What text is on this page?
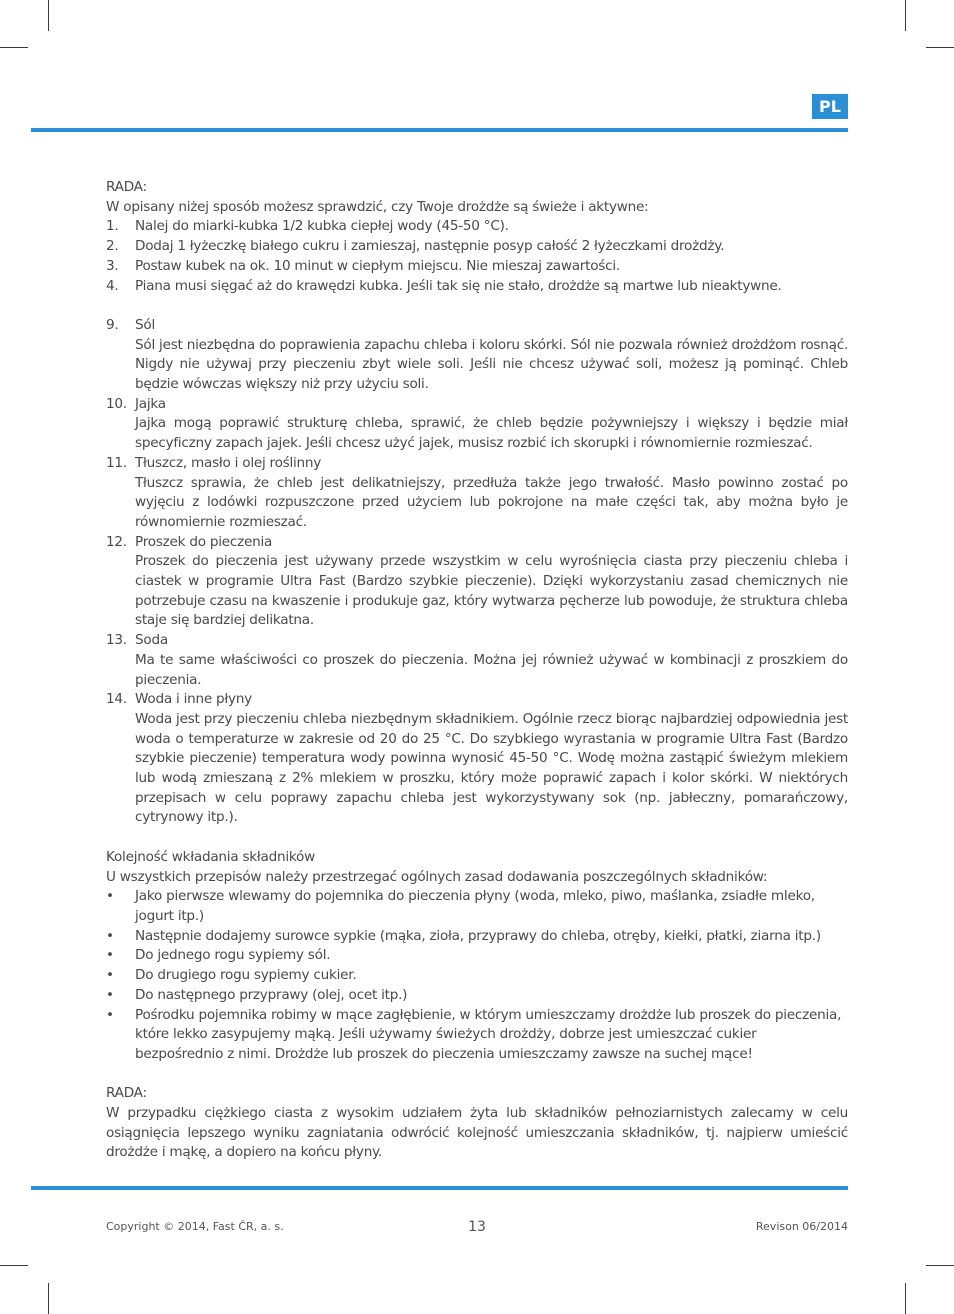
PL

RADA:

W opisany niżej sposób możesz sprawdzić, czy Twoje drożdże są świeże i aktywne:

1.	Nalej do miarki-kubka 1/2 kubka ciepłej wody (45-50 °C).
2.	Dodaj 1 łyżeczkę białego cukru i zamieszaj, następnie posyp całość 2 łyżeczkami drożdży.
3.	Postaw kubek na ok. 10 minut w ciepłym miejscu. Nie mieszaj zawartości.
4.	Piana musi sięgać aż do krawędzi kubka. Jeśli tak się nie stało, drożdże są martwe lub nieaktywne.
9.	Sól
Sól jest niezbędna do poprawienia zapachu chleba i koloru skórki. Sól nie pozwala również drożdżom rosnąć. Nigdy nie używaj przy pieczeniu zbyt wiele soli. Jeśli nie chcesz używać soli, możesz ją pominąć. Chleb będzie wówczas większy niż przy użyciu soli.
10. Jajka
Jajka mogą poprawić strukturę chleba, sprawić, że chleb będzie pożywniejszy i większy i będzie miał specyficzny zapach jajek. Jeśli chcesz użyć jajek, musisz rozbić ich skorupki i równomiernie rozmieszać.
11. Tłuszcz, masło i olej roślinny
Tłuszcz sprawia, że chleb jest delikatniejszy, przedłuża także jego trwałość. Masło powinno zostać po wyjęciu z lodówki rozpuszczone przed użyciem lub pokrojone na małe części tak, aby można było je równomiernie rozmieszać.
12. Proszek do pieczenia
Proszek do pieczenia jest używany przede wszystkim w celu wyrośnięcia ciasta przy pieczeniu chleba i ciastek w programie Ultra Fast (Bardzo szybkie pieczenie). Dzięki wykorzystaniu zasad chemicznych nie potrzebuje czasu na kwaszenie i produkuje gaz, który wytwarza pęcherze lub powoduje, że struktura chleba staje się bardziej delikatna.
13. Soda
Ma te same właściwości co proszek do pieczenia. Można jej również używać w kombinacji z proszkiem do pieczenia.
14. Woda i inne płyny
Woda jest przy pieczeniu chleba niezbędnym składnikiem. Ogólnie rzecz biorąc najbardziej odpowiednia jest woda o temperaturze w zakresie od 20 do 25 °C. Do szybkiego wyrastania w programie Ultra Fast (Bardzo szybkie pieczenie) temperatura wody powinna wynosić 45-50 °C. Wodę można zastąpić świeżym mlekiem lub wodą zmieszaną z 2% mlekiem w proszku, który może poprawić zapach i kolor skórki. W niektórych przepisach w celu poprawy zapachu chleba jest wykorzystywany sok (np. jabłeczny, pomarańczowy, cytrynowy itp.).

Kolejność wkładania składników

U wszystkich przepisów należy przestrzegać ogólnych zasad dodawania poszczególnych składników:

•	Jako pierwsze wlewamy do pojemnika do pieczenia płyny (woda, mleko, piwo, maślanka, zsiadłe mleko, jogurt itp.)
•	Następnie dodajemy surowce sypkie (mąka, zioła, przyprawy do chleba, otręby, kiełki, płatki, ziarna itp.)
•	Do jednego rogu sypiemy sól.
•	Do drugiego rogu sypiemy cukier.
•	Do następnego przyprawy (olej, ocet itp.)
•	Pośrodku pojemnika robimy w mące zagłębienie, w którym umieszczamy drożdże lub proszek do pieczenia, które lekko zasypujemy mąką. Jeśli używamy świeżych drożdży, dobrze jest umieszczać cukier bezpośrednio z nimi. Drożdże lub proszek do pieczenia umieszczamy zawsze na suchej mące!

RADA:

W przypadku ciężkiego ciasta z wysokim udziałem żyta lub składników pełnoziarnistych zalecamy w celu osiągnięcia lepszego wyniku zagniatania odwrócić kolejność umieszczania składników, tj. najpierw umieścić drożdże i mąkę, a dopiero na końcu płyny.

Copyright © 2014, Fast ČR, a. s.	13	Revison 06/2014
